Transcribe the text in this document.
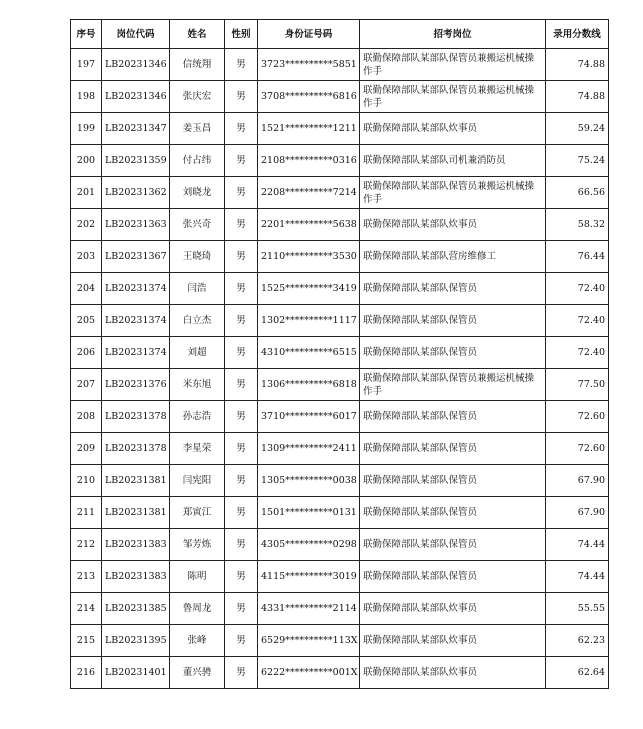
序号	岗位代码	姓名	性别	身份证号码	招考岗位	录用分数线
197	LB20231346	信统翔	男	3723**********5851	联勤保障部队某部队保管员兼搬运机械操作手	74.88
198	LB20231346	张庆宏	男	3708**********6816	联勤保障部队某部队保管员兼搬运机械操作手	74.88
199	LB20231347	姜玉昌	男	1521**********1211	联勤保障部队某部队炊事员	59.24
200	LB20231359	付占纬	男	2108**********0316	联勤保障部队某部队司机兼消防员	75.24
201	LB20231362	刘晓龙	男	2208**********7214	联勤保障部队某部队保管员兼搬运机械操作手	66.56
202	LB20231363	张兴奇	男	2201**********5638	联勤保障部队某部队炊事员	58.32
203	LB20231367	王晓琦	男	2110**********3530	联勤保障部队某部队营房维修工	76.44
204	LB20231374	闫浩	男	1525**********3419	联勤保障部队某部队保管员	72.40
205	LB20231374	白立杰	男	1302**********1117	联勤保障部队某部队保管员	72.40
206	LB20231374	刘超	男	4310**********6515	联勤保障部队某部队保管员	72.40
207	LB20231376	米东旭	男	1306**********6818	联勤保障部队某部队保管员兼搬运机械操作手	77.50
208	LB20231378	孙志浩	男	3710**********6017	联勤保障部队某部队保管员	72.60
209	LB20231378	李星荣	男	1309**********2411	联勤保障部队某部队保管员	72.60
210	LB20231381	闫宪阳	男	1305**********0038	联勤保障部队某部队保管员	67.90
211	LB20231381	郑寅江	男	1501**********0131	联勤保障部队某部队保管员	67.90
212	LB20231383	邹芳炼	男	4305**********0298	联勤保障部队某部队保管员	74.44
213	LB20231383	陈明	男	4115**********3019	联勤保障部队某部队保管员	74.44
214	LB20231385	鲁周龙	男	4331**********2114	联勤保障部队某部队炊事员	55.55
215	LB20231395	张峰	男	6529**********113X	联勤保障部队某部队炊事员	62.23
216	LB20231401	董兴骋	男	6222**********001X	联勤保障部队某部队炊事员	62.64
